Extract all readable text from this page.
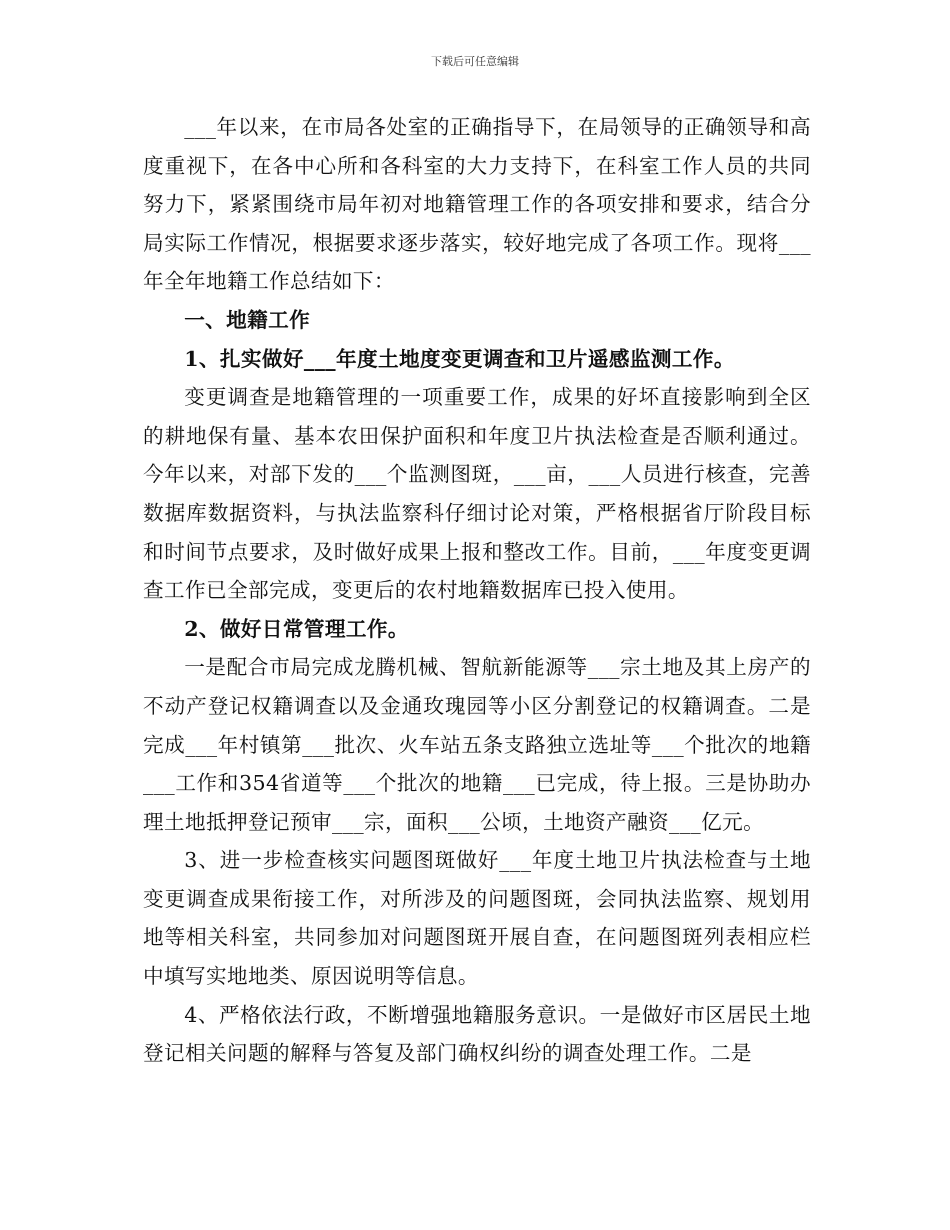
下载后可任意编辑

___年以来，在市局各处室的正确指导下，在局领导的正确领导和高度重视下，在各中心所和各科室的大力支持下，在科室工作人员的共同努力下，紧紧围绕市局年初对地籍管理工作的各项安排和要求，结合分局实际工作情况，根据要求逐步落实，较好地完成了各项工作。现将___年全年地籍工作总结如下：

一、地籍工作

1、扎实做好___年度土地度变更调查和卫片遥感监测工作。

变更调查是地籍管理的一项重要工作，成果的好坏直接影响到全区的耕地保有量、基本农田保护面积和年度卫片执法检查是否顺利通过。今年以来，对部下发的___个监测图斑，___亩，___人员进行核查，完善数据库数据资料，与执法监察科仔细讨论对策，严格根据省厅阶段目标和时间节点要求，及时做好成果上报和整改工作。目前，___年度变更调查工作已全部完成，变更后的农村地籍数据库已投入使用。

2、做好日常管理工作。

一是配合市局完成龙腾机械、智航新能源等___宗土地及其上房产的不动产登记权籍调查以及金通玫瑰园等小区分割登记的权籍调查。二是完成___年村镇第___批次、火车站五条支路独立选址等___个批次的地籍___工作和354省道等___个批次的地籍___已完成，待上报。三是协助办理土地抵押登记预审___宗，面积___公顷，土地资产融资___亿元。

3、进一步检查核实问题图斑做好___年度土地卫片执法检查与土地变更调查成果衔接工作，对所涉及的问题图斑，会同执法监察、规划用地等相关科室，共同参加对问题图斑开展自查，在问题图斑列表相应栏中填写实地地类、原因说明等信息。

4、严格依法行政，不断增强地籍服务意识。一是做好市区居民土地登记相关问题的解释与答复及部门确权纠纷的调查处理工作。二是
